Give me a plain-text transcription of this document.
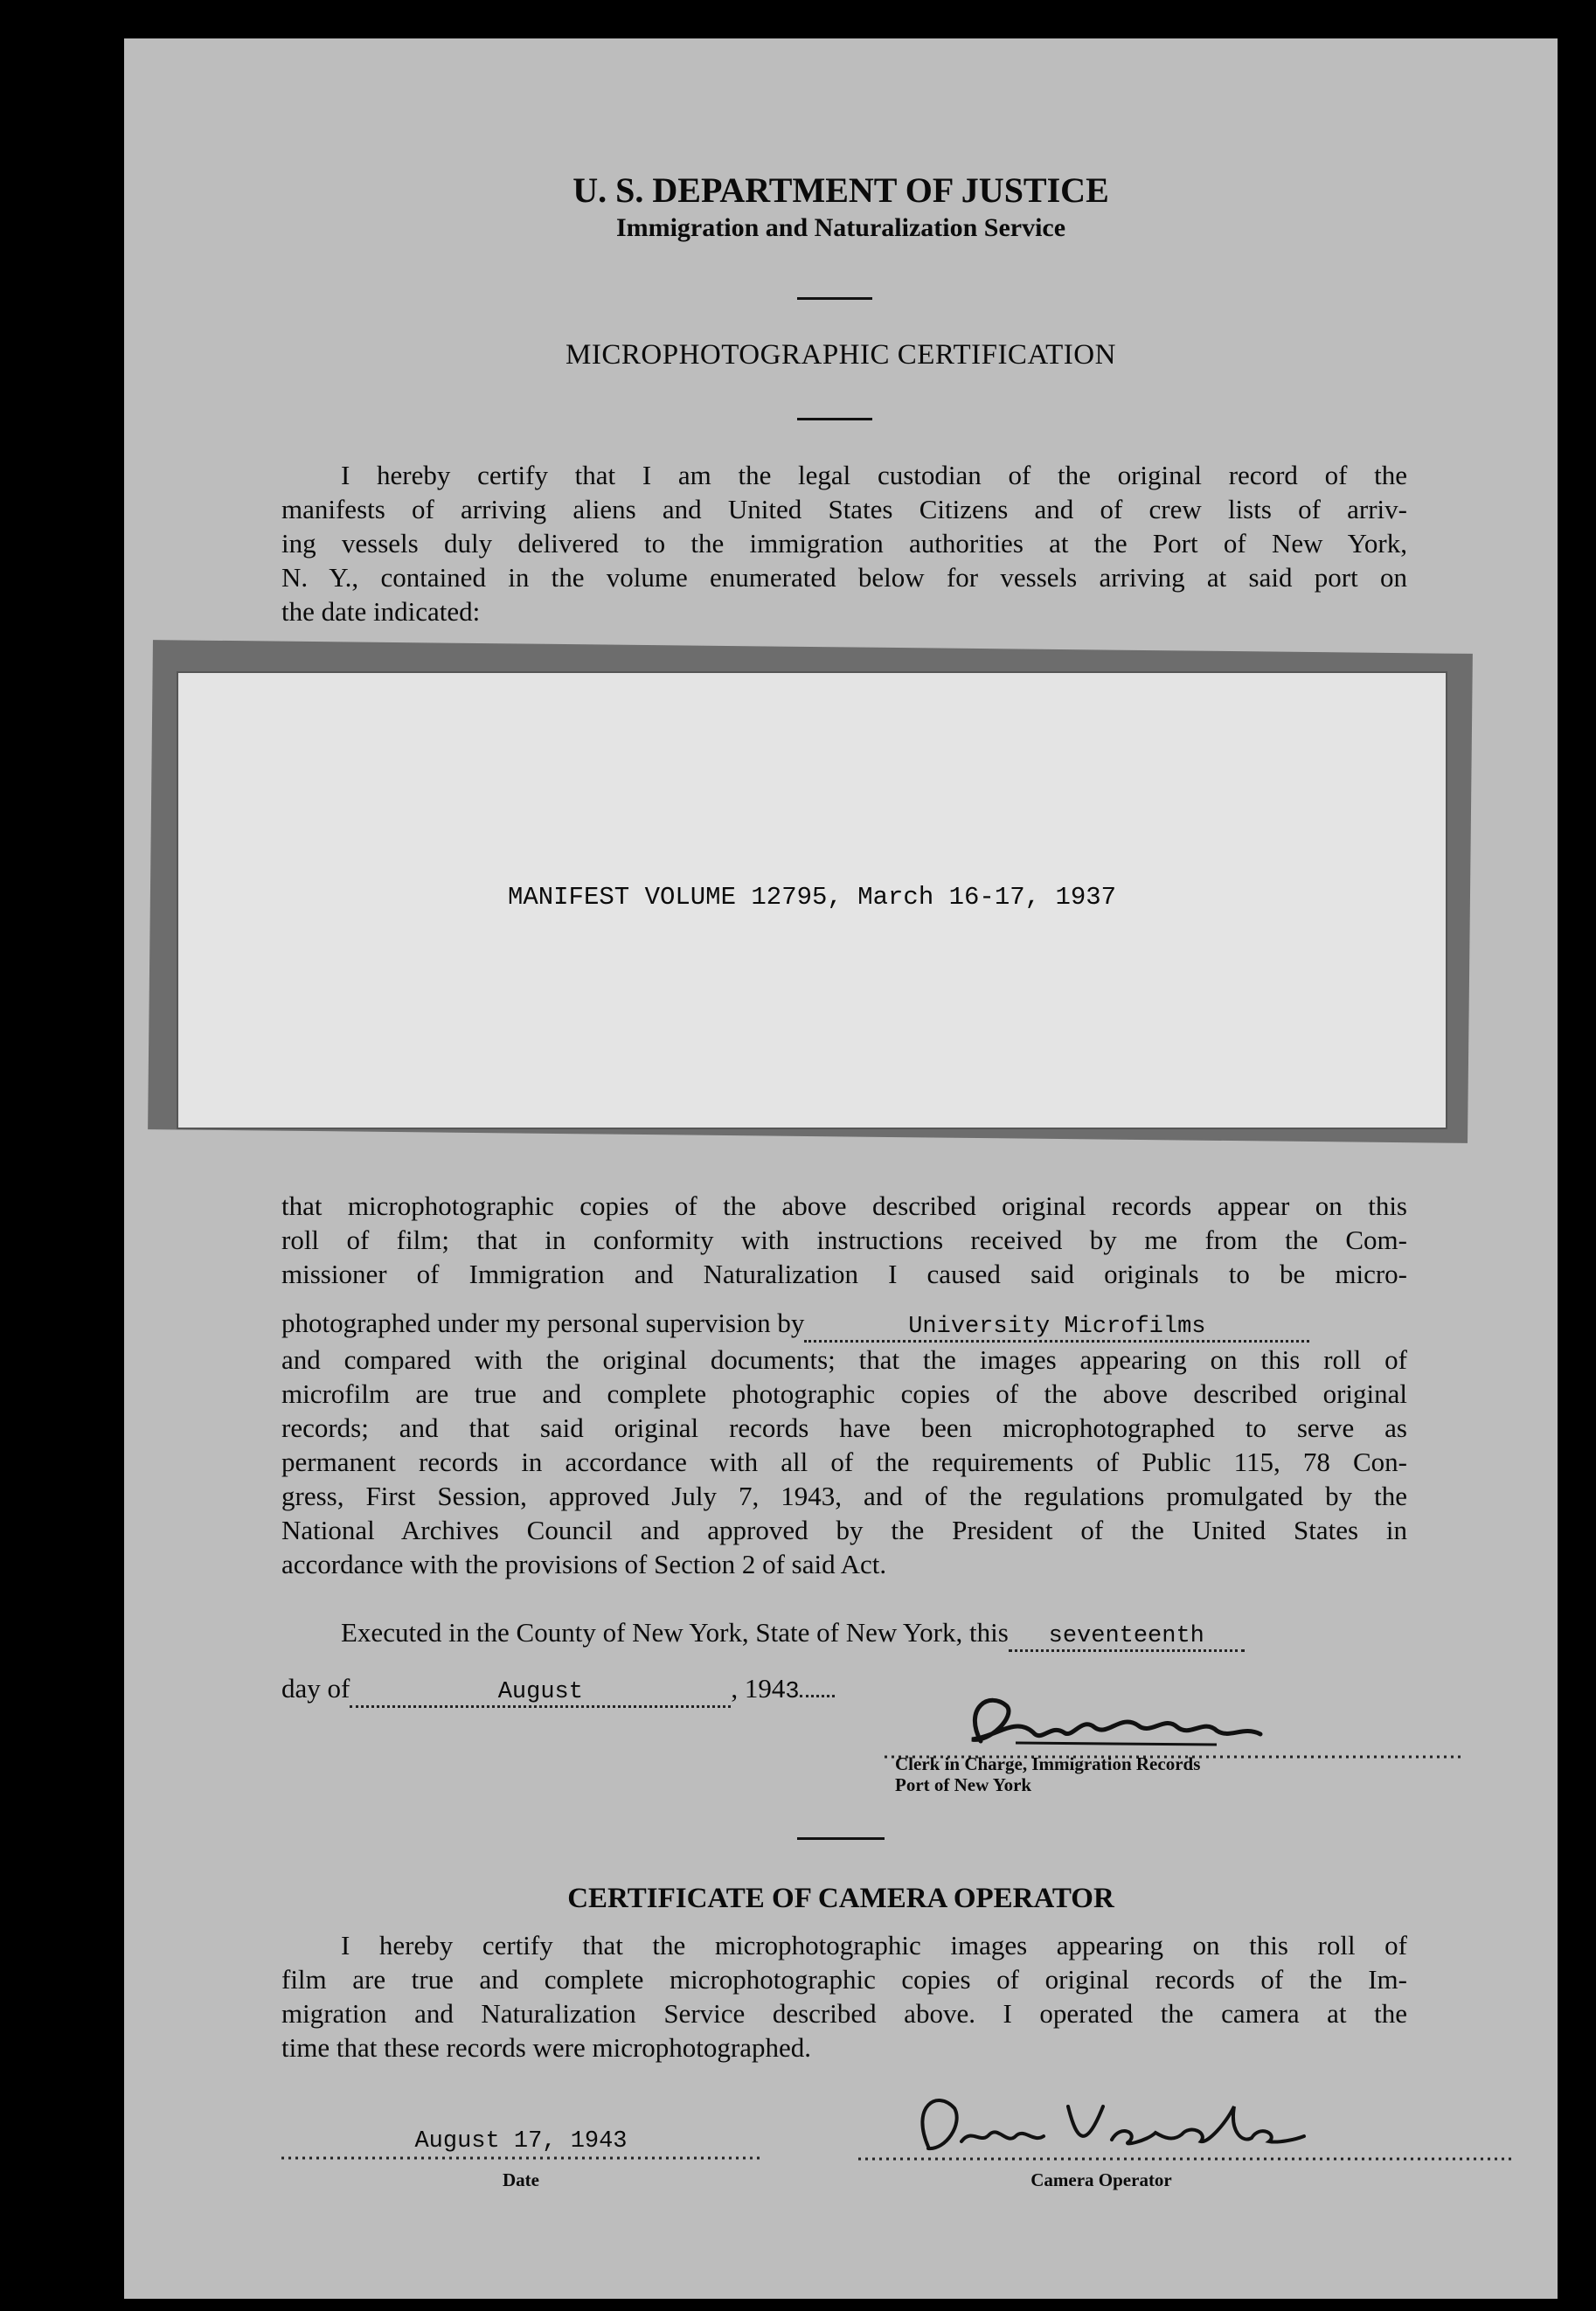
U. S. DEPARTMENT OF JUSTICE
Immigration and Naturalization Service
MICROPHOTOGRAPHIC CERTIFICATION
I hereby certify that I am the legal custodian of the original record of the
manifests of arriving aliens and United States Citizens and of crew lists of arriv-
ing vessels duly delivered to the immigration authorities at the Port of New York,
N. Y., contained in the volume enumerated below for vessels arriving at said port on
the date indicated:
MANIFEST VOLUME 12795, March 16-17, 1937
that microphotographic copies of the above described original records appear on this
roll of film; that in conformity with instructions received by me from the Com-
missioner of Immigration and Naturalization I caused said originals to be micro-
photographed under my personal supervision by	University Microfilms
and compared with the original documents; that the images appearing on this roll of
microfilm are true and complete photographic copies of the above described original
records; and that said original records have been microphotographed to serve as
permanent records in accordance with all of the requirements of Public 115, 78 Con-
gress, First Session, approved July 7, 1943, and of the regulations promulgated by the
National Archives Council and approved by the President of the United States in
accordance with the provisions of Section 2 of said Act.
Executed in the County of New York, State of New York, this seventeenth
day of	August	, 1943
Clerk in Charge, Immigration Records
Port of New York
CERTIFICATE OF CAMERA OPERATOR
I hereby certify that the microphotographic images appearing on this roll of
film are true and complete microphotographic copies of original records of the Im-
migration and Naturalization Service described above. I operated the camera at the
time that these records were microphotographed.
August 17, 1943
Date	Camera Operator
